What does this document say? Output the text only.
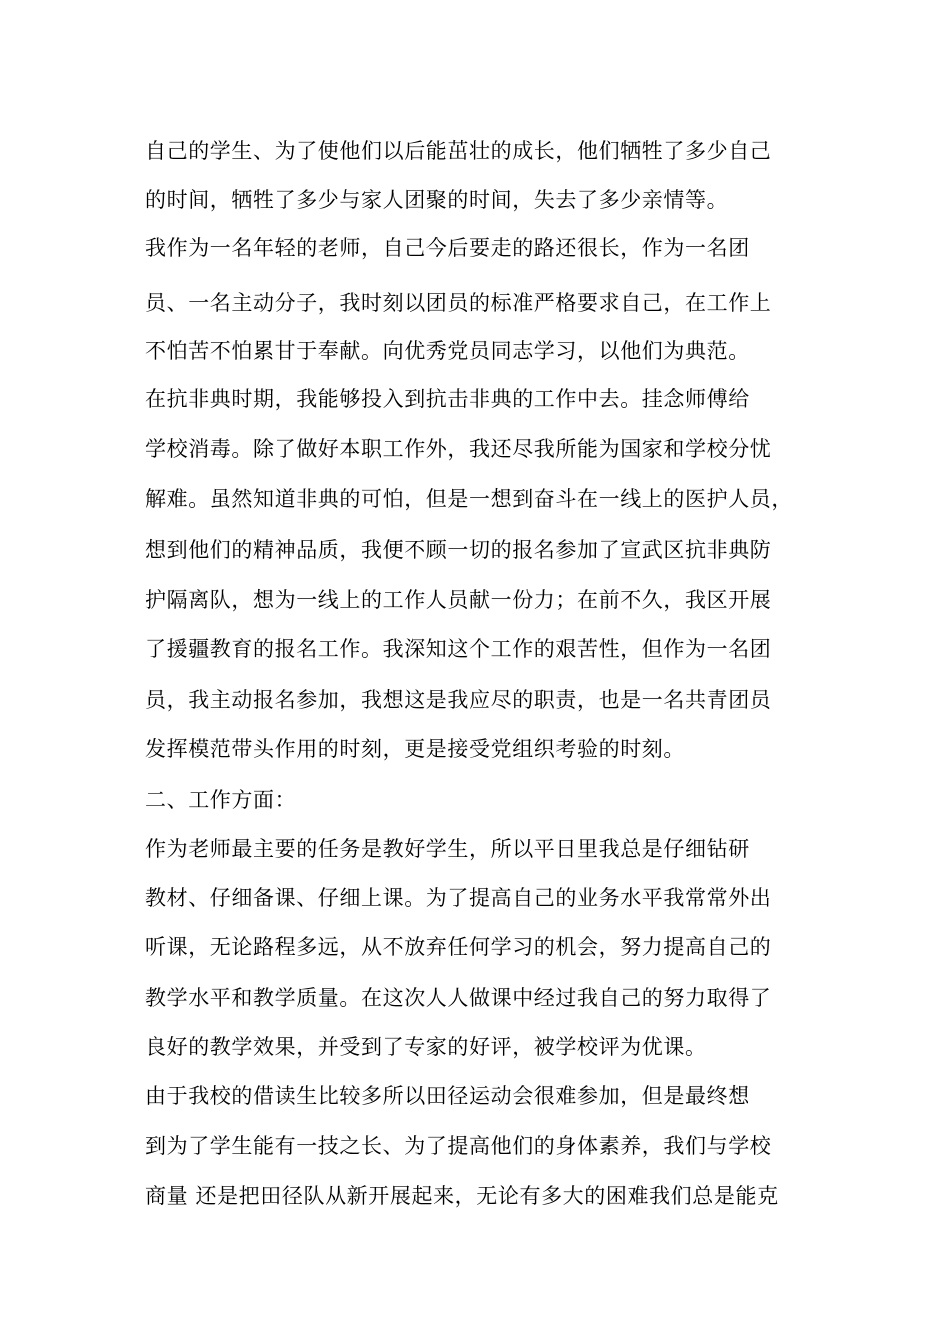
自己的学生、为了使他们以后能茁壮的成长，他们牺牲了多少自己
的时间，牺牲了多少与家人团聚的时间，失去了多少亲情等。
我作为一名年轻的老师，自己今后要走的路还很长，作为一名团
员、一名主动分子，我时刻以团员的标准严格要求自己，在工作上
不怕苦不怕累甘于奉献。向优秀党员同志学习，以他们为典范。
在抗非典时期，我能够投入到抗击非典的工作中去。挂念师傅给
学校消毒。除了做好本职工作外，我还尽我所能为国家和学校分忧
解难。虽然知道非典的可怕，但是一想到奋斗在一线上的医护人员，
想到他们的精神品质，我便不顾一切的报名参加了宣武区抗非典防
护隔离队，想为一线上的工作人员献一份力；在前不久，我区开展
了援疆教育的报名工作。我深知这个工作的艰苦性，但作为一名团
员，我主动报名参加，我想这是我应尽的职责，也是一名共青团员
发挥模范带头作用的时刻，更是接受党组织考验的时刻。
二、工作方面：
作为老师最主要的任务是教好学生，所以平日里我总是仔细钻研
教材、仔细备课、仔细上课。为了提高自己的业务水平我常常外出
听课，无论路程多远，从不放弃任何学习的机会，努力提高自己的
教学水平和教学质量。在这次人人做课中经过我自己的努力取得了
良好的教学效果，并受到了专家的好评，被学校评为优课。
由于我校的借读生比较多所以田径运动会很难参加，但是最终想
到为了学生能有一技之长、为了提高他们的身体素养，我们与学校
商量 还是把田径队从新开展起来，无论有多大的困难我们总是能克
